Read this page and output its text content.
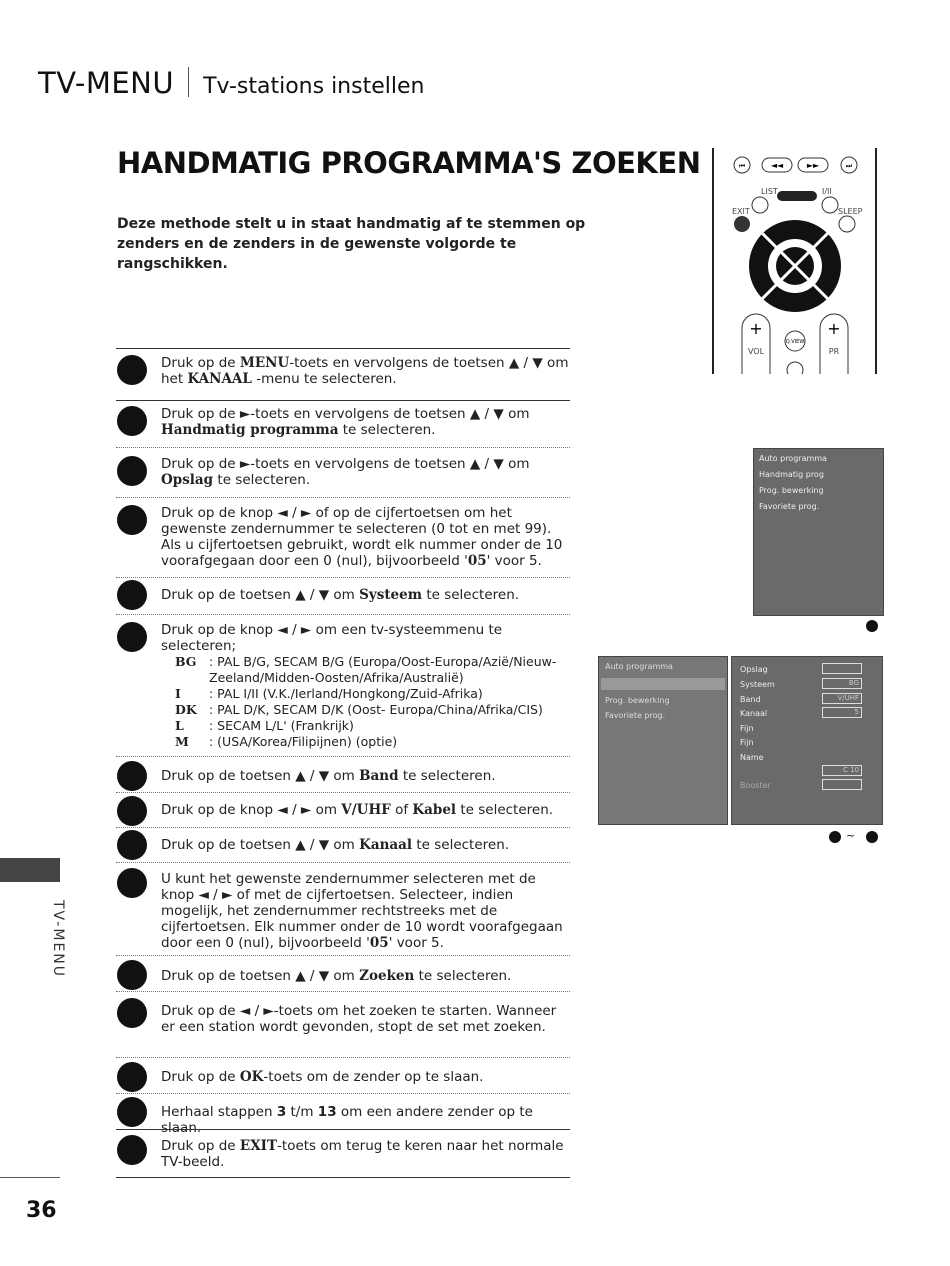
TV-MENU Tv-stations instellen
HANDMATIG PROGRAMMA'S ZOEKEN
Deze methode stelt u in staat handmatig af te stemmen op zenders en de zenders in de gewenste volgorde te rangschikken.
⏮	◄◄	►►	⏭
LIST	I/II
EXIT	SLEEP
+
VOL
+
PR
Q.VIEW
Auto programma
Handmatig prog
Prog. bewerking
Favoriete prog.
Auto programma
Prog. bewerking
Favoriete prog.
Opslag
Systeem
Band
Kanaal
Fijn
Fijn
Name
Booster
BG
V/UHF
5
C 10
~
Druk op de MENU-toets en vervolgens de toetsen ▲ / ▼ om het KANAAL -menu te selecteren.
Druk op de ►-toets en vervolgens de toetsen ▲ / ▼ om Handmatig programma te selecteren.
Druk op de ►-toets en vervolgens de toetsen ▲ / ▼ om Opslag te selecteren.
Druk op de knop ◄ / ► of op de cijfertoetsen om het gewenste zendernummer te selecteren (0 tot en met 99). Als u cijfertoetsen gebruikt, wordt elk nummer onder de 10 voorafgegaan door een 0 (nul), bijvoorbeeld '05' voor 5.
Druk op de toetsen ▲ / ▼ om Systeem te selecteren.
Druk op de knop ◄ / ► om een tv-systeemmenu te selecteren;
BG : PAL B/G, SECAM B/G (Europa/Oost-Europa/Azië/Nieuw-
Zeeland/Midden-Oosten/Afrika/Australië)
I : PAL I/II (V.K./Ierland/Hongkong/Zuid-Afrika)
DK : PAL D/K, SECAM D/K (Oost- Europa/China/Afrika/CIS)
L : SECAM L/L' (Frankrijk)
M : (USA/Korea/Filipijnen) (optie)
Druk op de toetsen ▲ / ▼ om Band te selecteren.
Druk op de knop ◄ / ► om V/UHF of Kabel te selecteren.
Druk op de toetsen ▲ / ▼ om Kanaal te selecteren.
U kunt het gewenste zendernummer selecteren met de knop ◄ / ► of met de cijfertoetsen. Selecteer, indien mogelijk, het zendernummer rechtstreeks met de cijfertoetsen. Elk nummer onder de 10 wordt voorafgegaan door een 0 (nul), bijvoorbeeld '05' voor 5.
Druk op de toetsen ▲ / ▼ om Zoeken te selecteren.
Druk op de ◄ / ►-toets om het zoeken te starten. Wanneer er een station wordt gevonden, stopt de set met zoeken.
Druk op de OK-toets om de zender op te slaan.
Herhaal stappen 3 t/m 13 om een andere zender op te slaan.
Druk op de EXIT-toets om terug te keren naar het normale TV-beeld.
TV-MENU
36
